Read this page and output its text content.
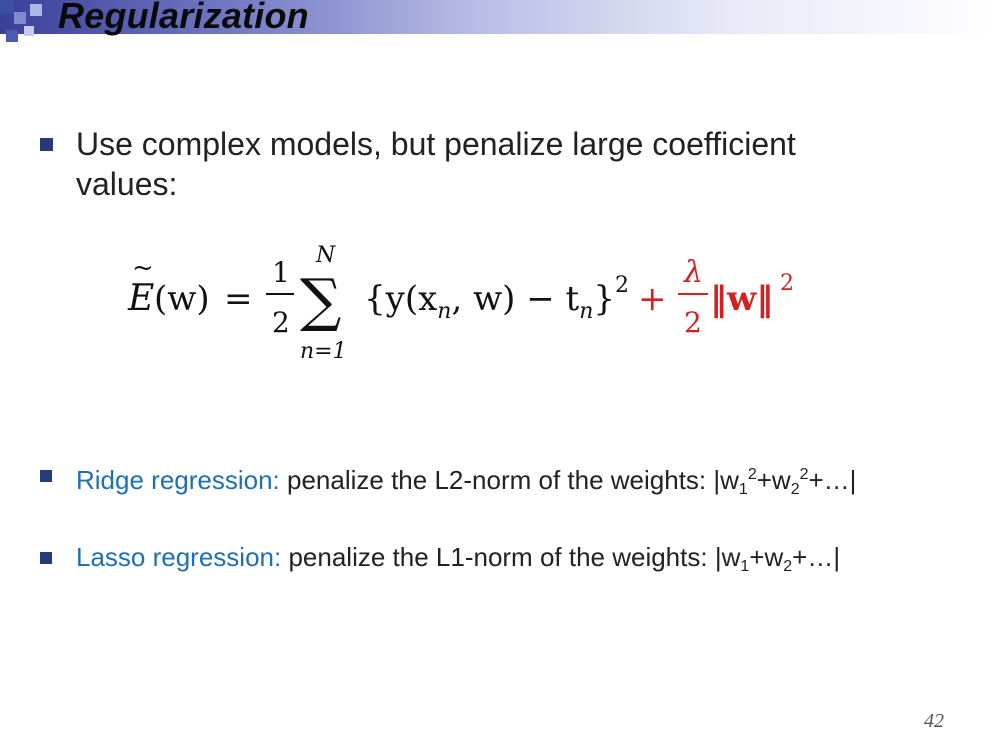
Regularization
Use complex models, but penalize large coefficient values:
~
E (w) =
1
2
N
∑
n=1
{$y(x_n$, $w) - t_n\}^2$ +
λ
2
‖w‖ 2
Ridge regression: penalize the L2-norm of the weights: $|w_1^2+w_2^2+\dots|$
Lasso regression: penalize the L1-norm of the weights: $|w_1+w_2+\dots|$
42
